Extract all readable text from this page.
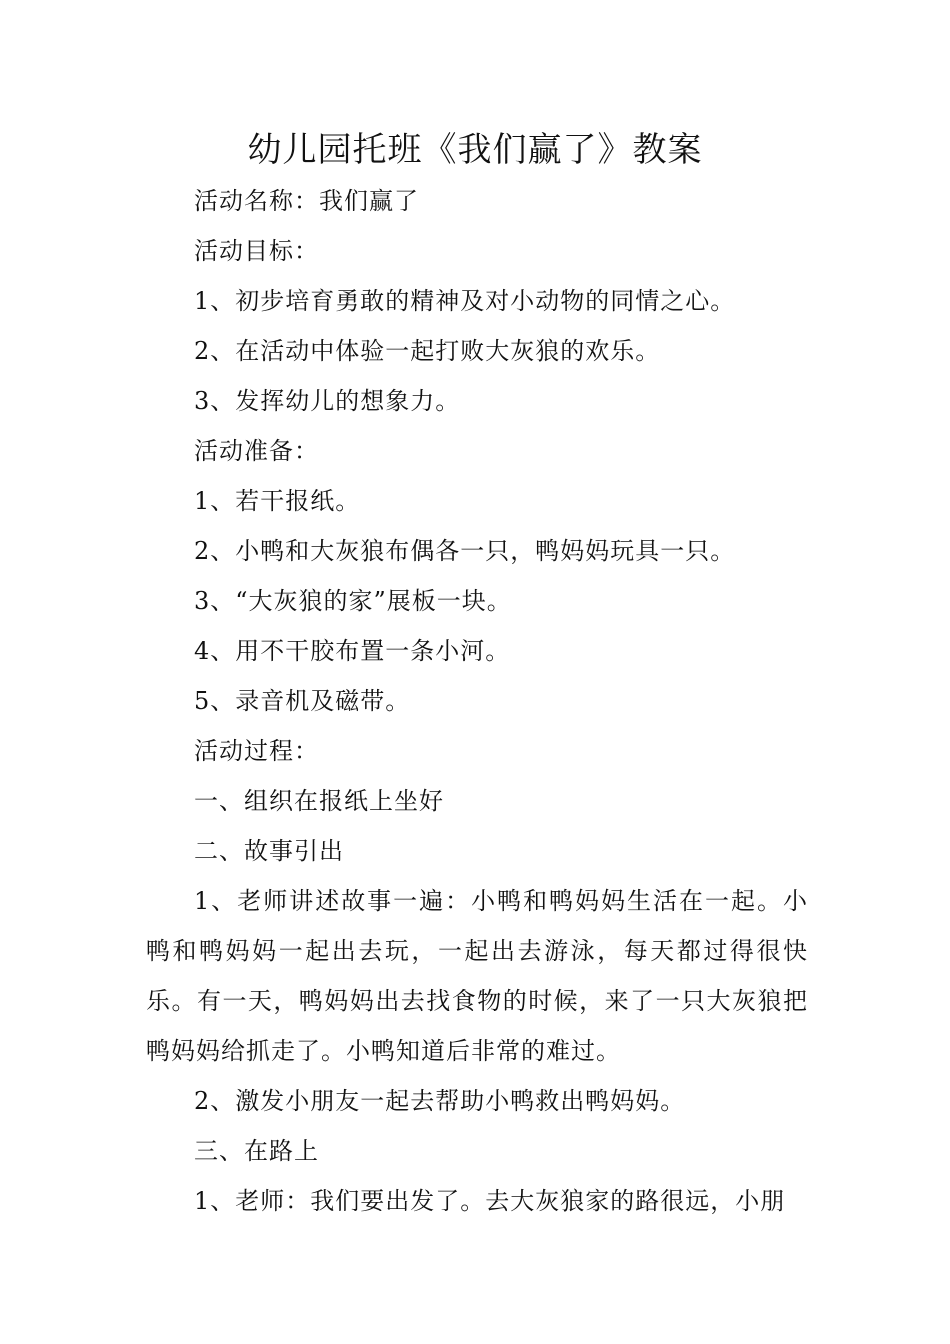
幼儿园托班《我们赢了》教案

活动名称：我们赢了

活动目标：

1、初步培育勇敢的精神及对小动物的同情之心。

2、在活动中体验一起打败大灰狼的欢乐。

3、发挥幼儿的想象力。

活动准备：

1、若干报纸。

2、小鸭和大灰狼布偶各一只，鸭妈妈玩具一只。

3、“大灰狼的家”展板一块。

4、用不干胶布置一条小河。

5、录音机及磁带。

活动过程：

一、组织在报纸上坐好

二、故事引出

1、老师讲述故事一遍：小鸭和鸭妈妈生活在一起。小鸭和鸭妈妈一起出去玩，一起出去游泳，每天都过得很快乐。有一天，鸭妈妈出去找食物的时候，来了一只大灰狼把鸭妈妈给抓走了。小鸭知道后非常的难过。

2、激发小朋友一起去帮助小鸭救出鸭妈妈。

三、在路上

1、老师：我们要出发了。去大灰狼家的路很远，小朋
